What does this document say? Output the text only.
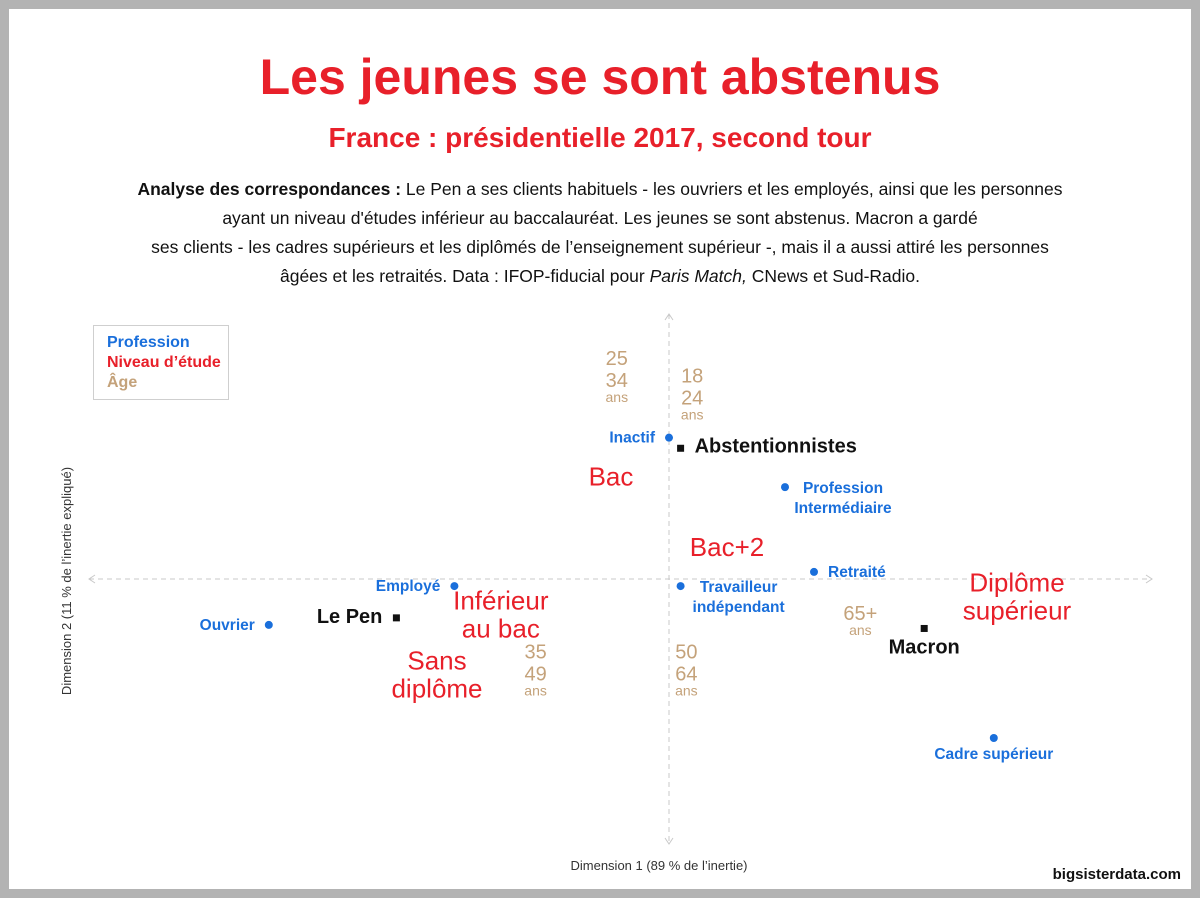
Les jeunes se sont abstenus
France : présidentielle 2017, second tour
Analyse des correspondances : Le Pen a ses clients habituels - les ouvriers et les employés, ainsi que les personnes
ayant un niveau d'études inférieur au baccalauréat. Les jeunes se sont abstenus. Macron a gardé
ses clients - les cadres supérieurs et les diplômés de l’enseignement supérieur -, mais il a aussi attiré les personnes
âgées et les retraités. Data : IFOP-fiducial pour Paris Match, CNews et Sud-Radio.
Inactif
Profession
Intermédiaire
Employé
Retraité
Travailleur
indépendant
Ouvrier
Cadre supérieur
Abstentionnistes
Le Pen
Macron
Bac
Bac+2
Inférieur
au bac
Sans
diplôme
Diplôme
supérieur
25
34
ans
18
24
ans
35
49
ans
50
64
ans
65+
ans
Profession
Niveau d’étude
Âge
Dimension 1 (89 % de l’inertie)
Dimension 2 (11 % de l’inertie expliqué)
bigsisterdata.com
